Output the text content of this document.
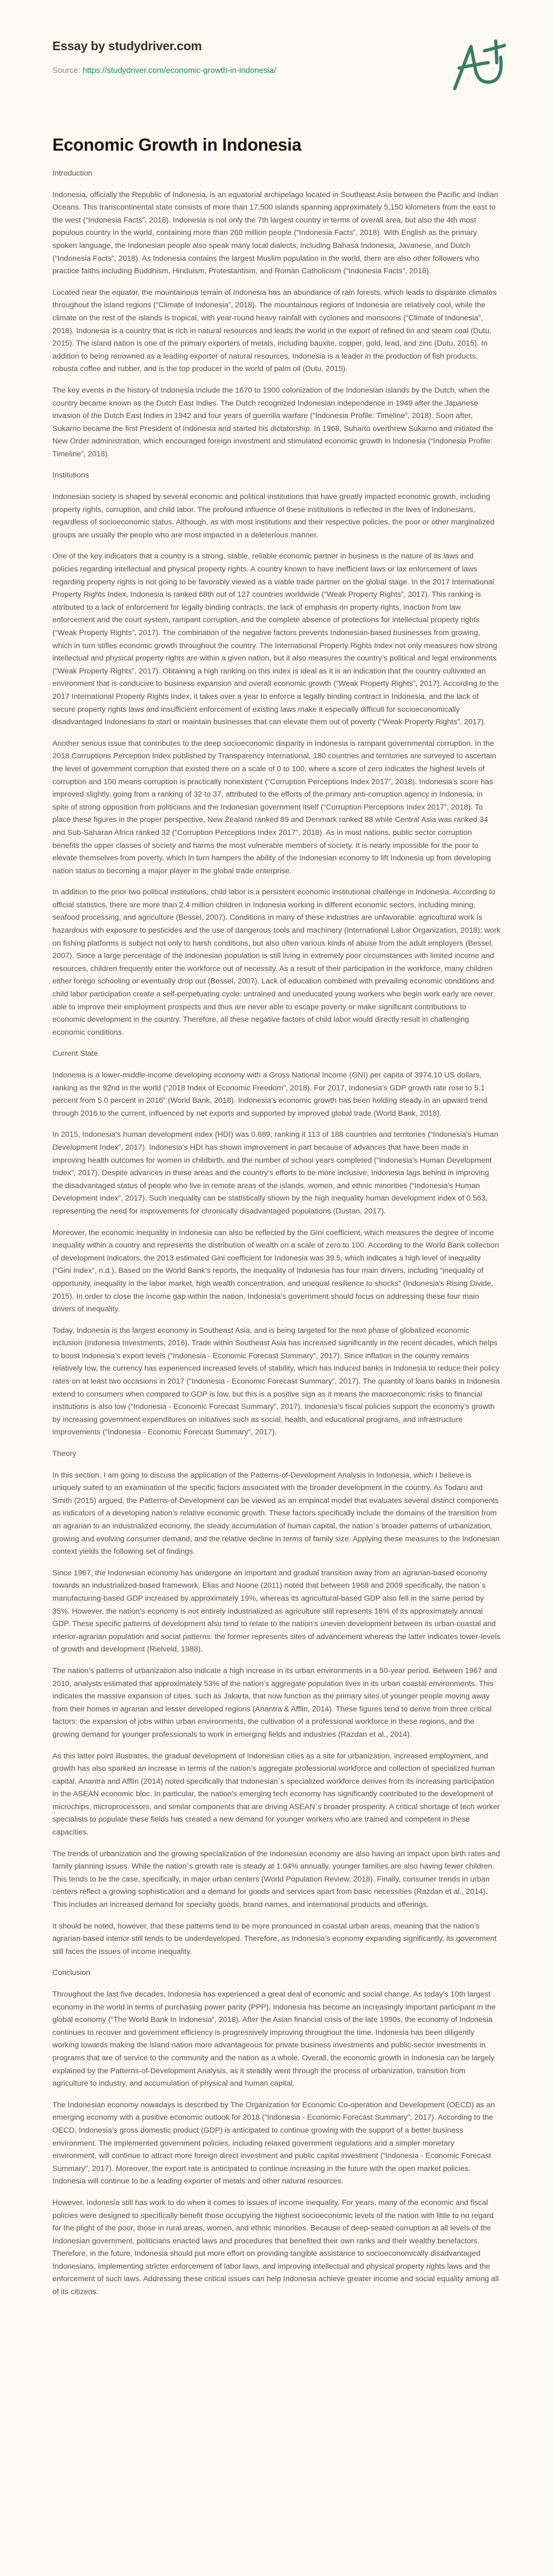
Essay by studydriver.com
Source: https://studydriver.com/economic-growth-in-indonesia/
Economic Growth in Indonesia
Introduction

Indonesia, officially the Republic of Indonesia, is an equatorial archipelago located in Southeast Asia between the Pacific and Indian Oceans. This transcontinental state consists of more than 17,500 islands spanning approximately 5,150 kilometers from the east to the west (“Indonesia Facts”, 2018). Indonesia is not only the 7th largest country in terms of overall area, but also the 4th most populous country in the world, containing more than 260 million people (“Indonesia Facts”, 2018). With English as the primary spoken language, the Indonesian people also speak many local dialects, including Bahasa Indonesia, Javanese, and Dutch (“Indonesia Facts”, 2018). As Indonesia contains the largest Muslim population in the world, there are also other followers who practice faiths including Buddhism, Hinduism, Protestantism, and Roman Catholicism (“Indonesia Facts”, 2018).

Located near the equator, the mountainous terrain of Indonesia has an abundance of rain forests, which leads to disparate climates throughout the island regions (“Climate of Indonesia”, 2018). The mountainous regions of Indonesia are relatively cool, while the climate on the rest of the islands is tropical, with year-round heavy rainfall with cyclones and monsoons (“Climate of Indonesia”, 2018). Indonesia is a country that is rich in natural resources and leads the world in the export of refined tin and steam coal (Dutu, 2015). The island nation is one of the primary exporters of metals, including bauxite, copper, gold, lead, and zinc (Dutu, 2015). In addition to being renowned as a leading exporter of natural resources, Indonesia is a leader in the production of fish products, robusta coffee and rubber, and is the top producer in the world of palm oil (Dutu, 2015).

The key events in the history of Indonesia include the 1670 to 1900 colonization of the Indonesian islands by the Dutch, when the country became known as the Dutch East Indies. The Dutch recognized Indonesian independence in 1949 after the Japanese invasion of the Dutch East Indies in 1942 and four years of guerrilla warfare (“Indonesia Profile: Timeline”, 2018). Soon after, Sukarno became the first President of Indonesia and started his dictatorship. In 1968, Suharto overthrew Sukarno and initiated the New Order administration, which encouraged foreign investment and stimulated economic growth in Indonesia (“Indonesia Profile: Timeline”, 2018).

Institutions

Indonesian society is shaped by several economic and political institutions that have greatly impacted economic growth, including property rights, corruption, and child labor. The profound influence of these institutions is reflected in the lives of Indonesians, regardless of socioeconomic status. Although, as with most institutions and their respective policies, the poor or other marginalized groups are usually the people who are most impacted in a deleterious manner.

One of the key indicators that a country is a strong, stable, reliable economic partner in business is the nature of its laws and policies regarding intellectual and physical property rights. A country known to have inefficient laws or lax enforcement of laws regarding property rights is not going to be favorably viewed as a viable trade partner on the global stage. In the 2017 International Property Rights Index, Indonesia is ranked 68th out of 127 countries worldwide (“Weak Property Rights”, 2017). This ranking is attributed to a lack of enforcement for legally binding contracts, the lack of emphasis on property rights, inaction from law enforcement and the court system, rampant corruption, and the complete absence of protections for intellectual property rights (“Weak Property Rights”, 2017). The combination of the negative factors prevents Indonesian-based businesses from growing, which in turn stifles economic growth throughout the country. The International Property Rights Index not only measures how strong intellectual and physical property rights are within a given nation, but it also measures the country’s political and legal environments (“Weak Property Rights”, 2017). Obtaining a high ranking on this index is ideal as it is an indication that the country cultivated an environment that is conducive to business expansion and overall economic growth (“Weak Property Rights”, 2017). According to the 2017 International Property Rights Index, it takes over a year to enforce a legally binding contract in Indonesia, and the lack of secure property rights laws and insufficient enforcement of existing laws make it especially difficult for socioeconomically disadvantaged Indonesians to start or maintain businesses that can elevate them out of poverty (“Weak Property Rights”, 2017).

Another serious issue that contributes to the deep socioeconomic disparity in Indonesia is rampant governmental corruption. In the 2018 Corruptions Perception Index published by Transparency International, 180 countries and territories are surveyed to ascertain the level of government corruption that existed there on a scale of 0 to 100, where a score of zero indicates the highest levels of corruption and 100 means corruption is practically nonexistent (“Corruption Perceptions Index 2017”, 2018). Indonesia’s score has improved slightly, going from a ranking of 32 to 37, attributed to the efforts of the primary anti-corruption agency in Indonesia, in spite of strong opposition from politicians and the Indonesian government itself (“Corruption Perceptions Index 2017”, 2018). To place these figures in the proper perspective, New Zealand ranked 89 and Denmark ranked 88 while Central Asia was ranked 34 and Sub-Saharan Africa ranked 32 (“Corruption Perceptions Index 2017”, 2018). As in most nations, public sector corruption benefits the upper classes of society and harms the most vulnerable members of society. It is nearly impossible for the poor to elevate themselves from poverty, which in turn hampers the ability of the Indonesian economy to lift Indonesia up from developing nation status to becoming a major player in the global trade enterprise.

In addition to the prior two political institutions, child labor is a persistent economic institutional challenge in Indonesia. According to official statistics, there are more than 2.4 million children in Indonesia working in different economic sectors, including mining, seafood processing, and agriculture (Bessel, 2007). Conditions in many of these industries are unfavorable: agricultural work is hazardous with exposure to pesticides and the use of dangerous tools and machinery (International Labor Organization, 2018); work on fishing platforms is subject not only to harsh conditions, but also often various kinds of abuse from the adult employers (Bessel, 2007). Since a large percentage of the Indonesian population is still living in extremely poor circumstances with limited income and resources, children frequently enter the workforce out of necessity. As a result of their participation in the workforce, many children either forego schooling or eventually drop out (Bessel, 2007). Lack of education combined with prevailing economic conditions and child labor participation create a self-perpetuating cycle: untrained and uneducated young workers who begin work early are never able to improve their employment prospects and thus are never able to escape poverty or make significant contributions to economic development in the country. Therefore, all these negative factors of child labor would directly result in challenging economic conditions.

Current State

Indonesia is a lower-middle-income developing economy with a Gross National Income (GNI) per capita of 3974.10 US dollars, ranking as the 92nd in the world (“2018 Index of Economic Freedom”, 2018). For 2017, Indonesia’s GDP growth rate rose to 5.1 percent from 5.0 percent in 2016” (World Bank, 2018). Indonesia’s economic growth has been holding steady in an upward trend through 2016 to the current, influenced by net exports and supported by improved global trade (World Bank, 2018).

In 2015, Indonesia’s human development index (HDI) was 0.689, ranking it 113 of 188 countries and territories (“Indonesia’s Human Development Index”, 2017). Indonesia’s HDI has shown improvement in part because of advances that have been made in improving health outcomes for women in childbirth, and the number of school years completed (“Indonesia’s Human Development Index”, 2017). Despite advances in these areas and the country’s efforts to be more inclusive, Indonesia lags behind in improving the disadvantaged status of people who live in remote areas of the islands, women, and ethnic minorities (“Indonesia’s Human Development Index”, 2017). Such inequality can be statistically shown by the high inequality human development index of 0.563, representing the need for improvements for chronically disadvantaged populations (Dustan, 2017).

Moreover, the economic inequality in Indonesia can also be reflected by the Gini coefficient, which measures the degree of income inequality within a country and represents the distribution of wealth on a scale of zero to 100. According to the World Bank collection of development indicators, the 2013 estimated Gini coefficient for Indonesia was 39.5, which indicates a high level of inequality (“Gini Index”, n.d.). Based on the World Bank’s reports, the inequality of Indonesia has four main drivers, including “inequality of opportunity, inequality in the labor market, high wealth concentration, and unequal resilience to shocks” (Indonesia's Rising Divide, 2015). In order to close the income gap within the nation, Indonesia’s government should focus on addressing these four main drivers of inequality.

Today, Indonesia is the largest economy in Southeast Asia, and is being targeted for the next phase of globalized economic inclusion (Indonesia Investments, 2016). Trade within Southeast Asia has increased significantly in the recent decades, which helps to boost Indonesia’s export levels (“Indonesia - Economic Forecast Summary”, 2017). Since inflation in the country remains relatively low, the currency has experienced increased levels of stability, which has induced banks in Indonesia to reduce their policy rates on at least two occasions in 2017 (“Indonesia - Economic Forecast Summary”, 2017). The quantity of loans banks in Indonesia extend to consumers when compared to GDP is low, but this is a positive sign as it means the macroeconomic risks to financial institutions is also low (“Indonesia - Economic Forecast Summary”, 2017). Indonesia’s fiscal policies support the economy’s growth by increasing government expenditures on initiatives such as social, health, and educational programs, and infrastructure improvements (“Indonesia - Economic Forecast Summary”, 2017).

Theory

In this section, I am going to discuss the application of the Patterns-of-Development Analysis in Indonesia, which I believe is uniquely suited to an examination of the specific factors associated with the broader development in the country. As Todaro and Smith (2015) argued, the Patterns-of-Development can be viewed as an empirical model that evaluates several distinct components as indicators of a developing nation’s relative economic growth. These factors specifically include the domains of the transition from an agrarian to an industrialized economy, the steady accumulation of human capital, the nation`s broader patterns of urbanization, growing and evolving consumer demand, and the relative decline in terms of family size. Applying these measures to the Indonesian context yields the following set of findings.

Since 1967, the Indonesian economy has undergone an important and gradual transition away from an agrarian-based economy towards an industrialized-based framework. Elias and Noone (2011) noted that between 1968 and 2009 specifically, the nation`s manufacturing-based GDP increased by approximately 19%, whereas its agricultural-based GDP also fell in the same period by 35%. However, the nation’s economy is not entirely industrialized as agriculture still represents 16% of its approximately annual GDP. These specific patterns of development also tend to relate to the nation’s uneven development between its urban-coastal and interior-agrarian population and social patterns: the former represents sites of advancement whereas the latter indicates lower-levels of growth and development (Rielveld, 1988).

The nation’s patterns of urbanization also indicate a high increase in its urban environments in a 50-year period. Between 1967 and 2010, analysts estimated that approximately 53% of the nation’s aggregate population lives in its urban coastal environments. This indicates the massive expansion of cities, such as Jakarta, that now function as the primary sites of younger people moving away from their homes in agrarian and lesser developed regions (Anantra & Afflin, 2014). These figures tend to derive from three critical factors: the expansion of jobs within urban environments, the cultivation of a professional workforce in these regions, and the growing demand for younger professionals to work in emerging fields and industries (Razdan et al., 2014).

As this latter point illustrates, the gradual development of Indonesian cities as a site for urbanization, increased employment, and growth has also sparked an increase in terms of the nation’s aggregate professional workforce and collection of specialized human capital. Anantra and Afflin (2014) noted specifically that Indonesian`s specialized workforce derives from its increasing participation in the ASEAN economic bloc. In particular, the nation’s emerging tech economy has significantly contributed to the development of microchips, microprocessors, and similar components that are driving ASEAN`s broader prosperity. A critical shortage of tech worker specialists to populate these fields has created a new demand for younger workers who are trained and competent in these capacities.

The trends of urbanization and the growing specialization of the Indonesian economy are also having an impact upon birth rates and family planning issues. While the nation`s growth rate is steady at 1.04% annually, younger families are also having fewer children. This tends to be the case, specifically, in major urban centers (World Population Review, 2018). Finally, consumer trends in urban centers reflect a growing sophistication and a demand for goods and services apart from basic necessities (Razdan et al., 2014). This includes an increased demand for specialty goods, brand names, and international products and offerings.

It should be noted, however, that these patterns tend to be more pronounced in coastal urban areas, meaning that the nation’s agrarian-based interior still tends to be underdeveloped. Therefore, as Indonesia’s economy expanding significantly, its government still faces the issues of income inequality.

Conclusion

Throughout the last five decades, Indonesia has experienced a great deal of economic and social change. As today’s 10th largest economy in the world in terms of purchasing power parity (PPP), Indonesia has become an increasingly important participant in the global economy (“The World Bank In Indonesia”, 2018). After the Asian financial crisis of the late 1990s, the economy of Indonesia continues to recover and government efficiency is progressively improving throughout the time. Indonesia has been diligently working towards making the island nation more advantageous for private business investments and public-sector investments in programs that are of service to the community and the nation as a whole. Overall, the economic growth in Indonesia can be largely explained by the Patterns-of-Development Analysis, as it steadily went through the process of urbanization, transition from agriculture to industry, and accumulation of physical and human capital.

The Indonesian economy nowadays is described by The Organization for Economic Co-operation and Development (OECD) as an emerging economy with a positive economic outlook for 2018 (“Indonesia - Economic Forecast Summary”, 2017). According to the OECD, Indonesia’s gross domestic product (GDP) is anticipated to continue growing with the support of a better business environment. The implemented government policies, including relaxed government regulations and a simpler monetary environment, will continue to attract more foreign direct investment and public capital investment (“Indonesia - Economic Forecast Summary”, 2017). Moreover, the export rate is anticipated to continue increasing in the future with the open market policies. Indonesia will continue to be a leading exporter of metals and other natural resources.

However, Indonesia still has work to do when it comes to issues of income inequality. For years, many of the economic and fiscal policies were designed to specifically benefit those occupying the highest socioeconomic levels of the nation with little to no regard for the plight of the poor, those in rural areas, women, and ethnic minorities. Because of deep-seated corruption at all levels of the Indonesian government, politicians enacted laws and procedures that benefited their own ranks and their wealthy benefactors. Therefore, in the future, Indonesia should put more effort on providing tangible assistance to socioeconomically disadvantaged Indonesians, implementing stricter enforcement of labor laws, and improving intellectual and physical property rights laws and the enforcement of such laws. Addressing these critical issues can help Indonesia achieve greater income and social equality among all of its citizens.
